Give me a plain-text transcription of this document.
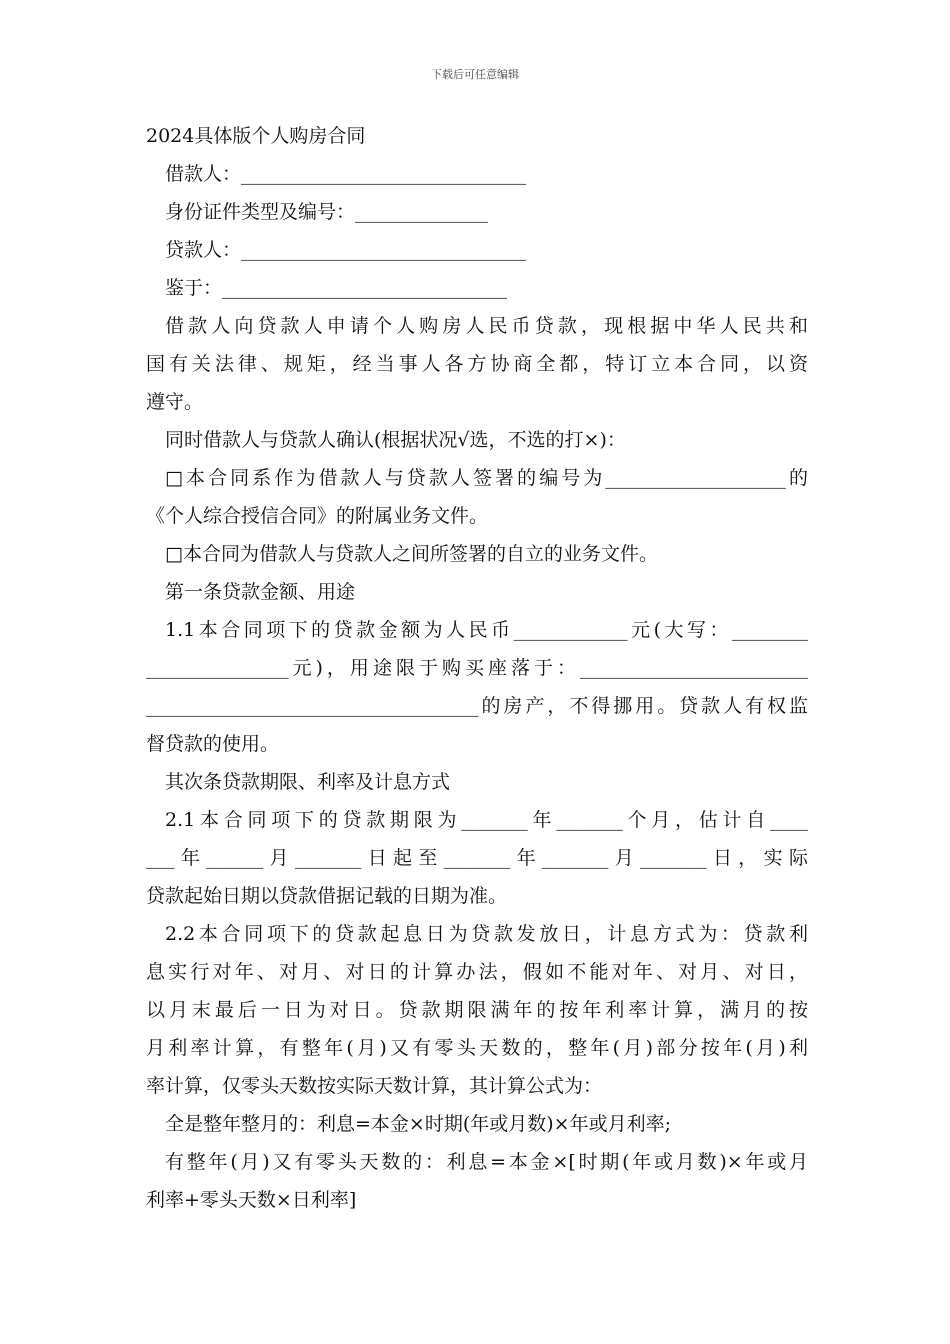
下载后可任意编辑
2024具体版个人购房合同
借款人：______________________________
身份证件类型及编号：______________
贷款人：______________________________
鉴于：______________________________
借款人向贷款人申请个人购房人民币贷款，现根据中华人民共和
国有关法律、规矩，经当事人各方协商全都，特订立本合同，以资
遵守。
同时借款人与贷款人确认(根据状况√选，不选的打×)：
□本合同系作为借款人与贷款人签署的编号为___________________的
《个人综合授信合同》的附属业务文件。
□本合同为借款人与贷款人之间所签署的自立的业务文件。
第一条贷款金额、用途
1.1本合同项下的贷款金额为人民币____________元(大写：________
_______________元)，用途限于购买座落于：________________________
___________________________________的房产，不得挪用。贷款人有权监
督贷款的使用。
其次条贷款期限、利率及计息方式
2.1本合同项下的贷款期限为_______年_______个月，估计自____
___年______月_______日起至_______年_______月_______日，实际
贷款起始日期以贷款借据记载的日期为准。
2.2本合同项下的贷款起息日为贷款发放日，计息方式为：贷款利
息实行对年、对月、对日的计算办法，假如不能对年、对月、对日，
以月末最后一日为对日。贷款期限满年的按年利率计算，满月的按
月利率计算，有整年(月)又有零头天数的，整年(月)部分按年(月)利
率计算，仅零头天数按实际天数计算，其计算公式为：
全是整年整月的：利息=本金×时期(年或月数)×年或月利率;
有整年(月)又有零头天数的：利息=本金×[时期(年或月数)×年或月
利率+零头天数×日利率]
